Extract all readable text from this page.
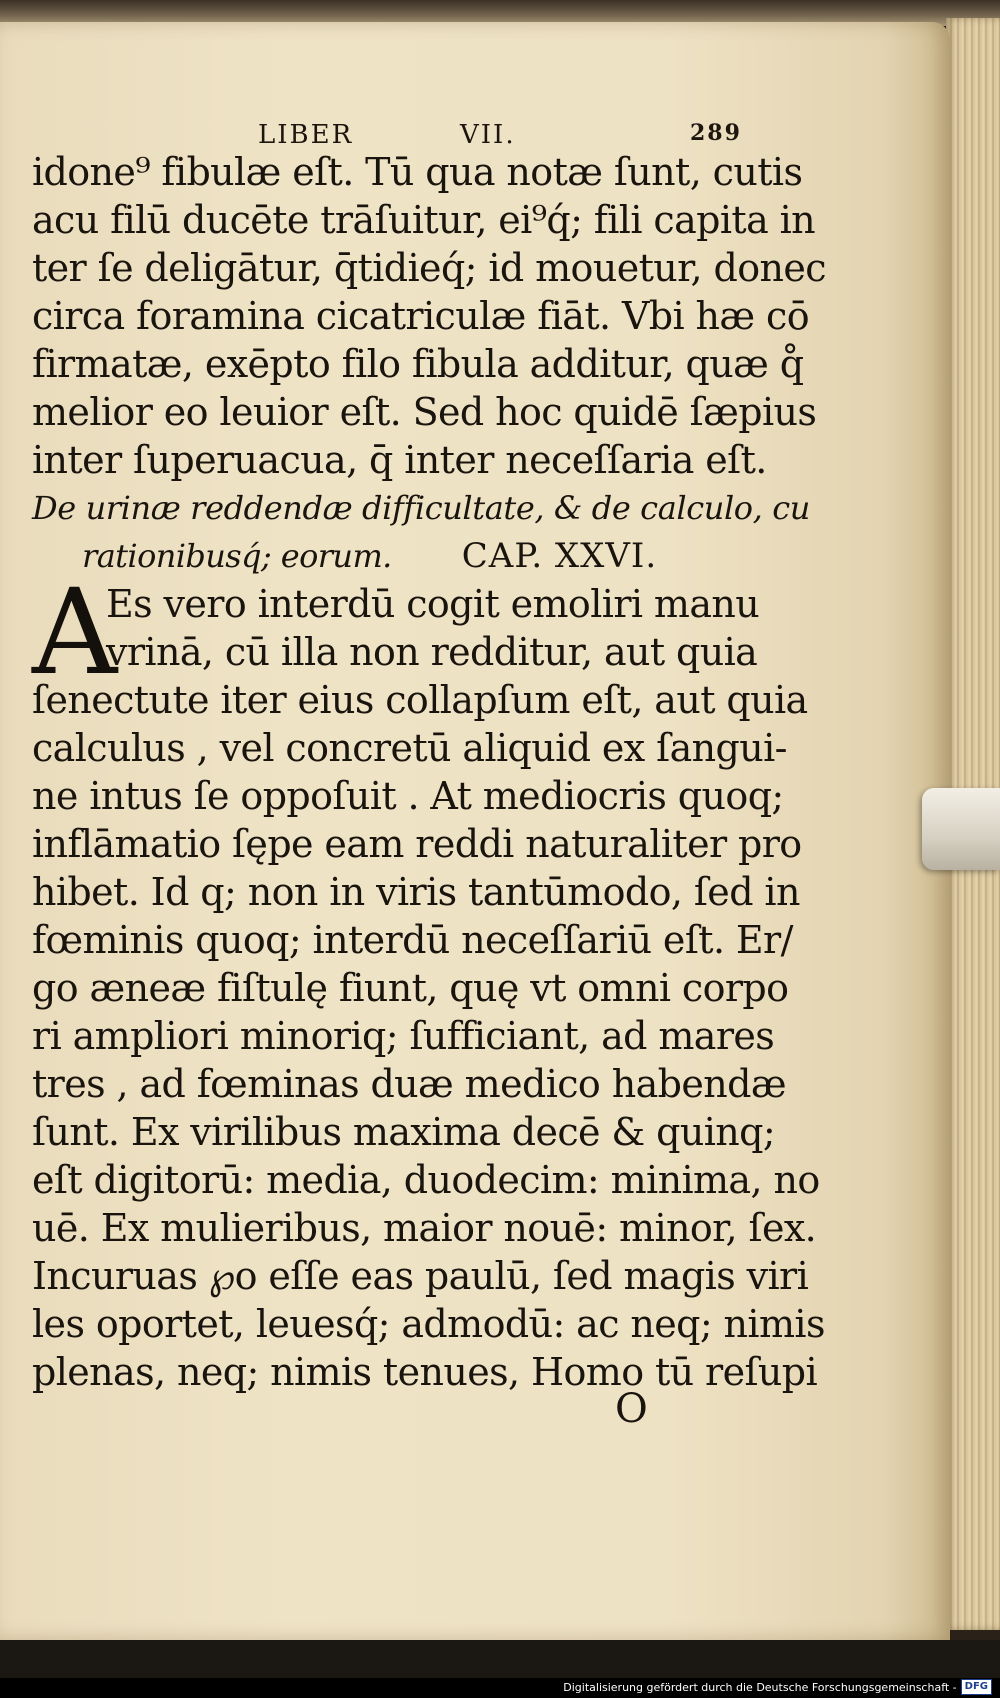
LIBER	VII.	289
idone⁹ fibulæ eſt. Tū qua notæ ſunt, cutis
acu filū ducēte trāſuitur, ei⁹q́; fili capita in
ter ſe deligātur, q̄tidieq́; id mouetur, donec
circa foramina cicatriculæ fiāt. Vbi hæ cō
firmatæ, exēpto filo fibula additur, quæ q̊
melior eo leuior eſt. Sed hoc quidē ſæpius
inter ſuperuacua, q̄ inter neceſſaria eſt.
De urinæ reddendæ difficultate, & de calculo, cu
rationibusq́; eorum. CAP. XXVI.
A
Es vero interdū cogit emoliri manu
vrinā, cū illa non redditur, aut quia
ſenectute iter eius collapſum eſt, aut quia
calculus , vel concretū aliquid ex ſangui-
ne intus ſe oppoſuit . At mediocris quoq;
inflāmatio ſępe eam reddi naturaliter pro
hibet. Id q; non in viris tantūmodo, ſed in
fœminis quoq; interdū neceſſariū eſt. Er/
go æneæ fiſtulę fiunt, quę vt omni corpo
ri ampliori minoriq; ſufficiant, ad mares
tres , ad fœminas duæ medico habendæ
ſunt. Ex virilibus maxima decē & quinq;
eſt digitorū: media, duodecim: minima, no
uē. Ex mulieribus, maior nouē: minor, ſex.
Incuruas ℘o eſſe eas paulū, ſed magis viri
les oportet, leuesq́; admodū: ac neq; nimis
plenas, neq; nimis tenues, Homo tū reſupi
O
Digitalisierung gefördert durch die Deutsche Forschungsgemeinschaft - DFG
